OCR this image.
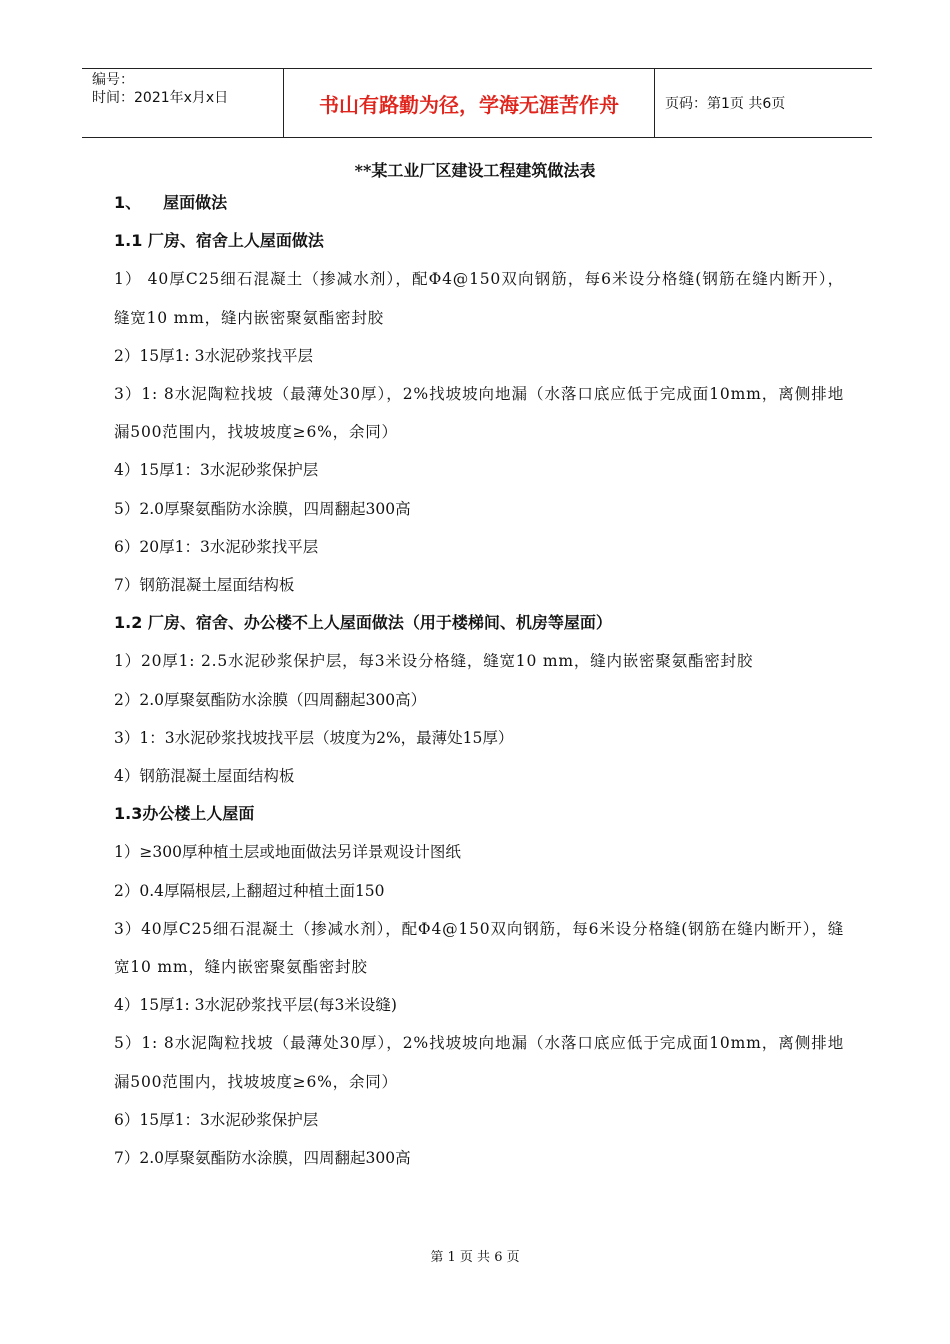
编号：
时间：2021年x月x日	书山有路勤为径，学海无涯苦作舟	页码：第1页 共6页
**某工业厂区建设工程建筑做法表
1、 屋面做法
1.1 厂房、宿舍上人屋面做法
1） 40厚C25细石混凝土（掺减水剂），配Φ4@150双向钢筋，每6米设分格缝(钢筋在缝内断开），缝宽10 mm，缝内嵌密聚氨酯密封胶
2）15厚1: 3水泥砂浆找平层
3）1: 8水泥陶粒找坡（最薄处30厚），2%找坡坡向地漏（水落口底应低于完成面10mm，离侧排地漏500范围内，找坡坡度≥6%，余同）
4）15厚1：3水泥砂浆保护层
5）2.0厚聚氨酯防水涂膜，四周翻起300高
6）20厚1：3水泥砂浆找平层
7）钢筋混凝土屋面结构板
1.2 厂房、宿舍、办公楼不上人屋面做法（用于楼梯间、机房等屋面）
1）20厚1: 2.5水泥砂浆保护层，每3米设分格缝，缝宽10 mm，缝内嵌密聚氨酯密封胶
2）2.0厚聚氨酯防水涂膜（四周翻起300高）
3）1：3水泥砂浆找坡找平层（坡度为2%，最薄处15厚）
4）钢筋混凝土屋面结构板
1.3办公楼上人屋面
1）≥300厚种植土层或地面做法另详景观设计图纸
2）0.4厚隔根层,上翻超过种植土面150
3）40厚C25细石混凝土（掺减水剂），配Φ4@150双向钢筋，每6米设分格缝(钢筋在缝内断开），缝宽10 mm，缝内嵌密聚氨酯密封胶
4）15厚1: 3水泥砂浆找平层(每3米设缝)
5）1: 8水泥陶粒找坡（最薄处30厚），2%找坡坡向地漏（水落口底应低于完成面10mm，离侧排地漏500范围内，找坡坡度≥6%，余同）
6）15厚1：3水泥砂浆保护层
7）2.0厚聚氨酯防水涂膜，四周翻起300高
第 1 页 共 6 页
